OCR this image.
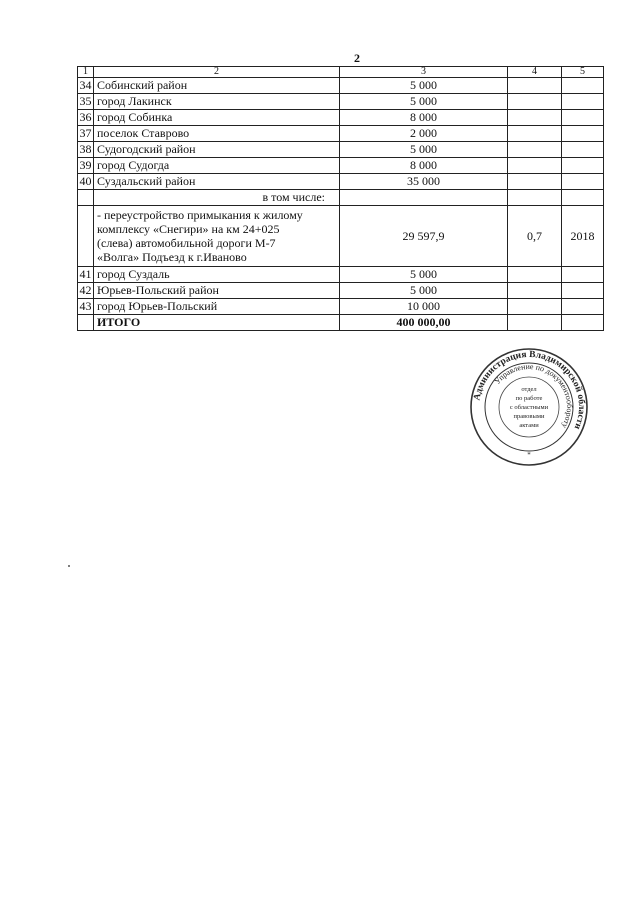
2
1	2	3	4	5
34	Собинский район	5 000		
35	город Лакинск	5 000		
36	город Собинка	8 000		
37	поселок Ставрово	2 000		
38	Судогодский район	5 000		
39	город Судогда	8 000		
40	Суздальский район	35 000		
	в том числе:			

	- переустройство примыкания к жилому
комплексу «Снегири» на км 24+025
(слева) автомобильной дороги М-7
«Волга» Подъезд к г.Иваново	29 597,9	0,7	2018
41	город Суздаль	5 000		
42	Юрьев-Польский район	5 000		
43	город Юрьев-Польский	10 000		
	ИТОГО	400 000,00		
Администрация Владимирской области
Управление по документообороту
отдел
по работе
с областными
правовыми
актами
*
